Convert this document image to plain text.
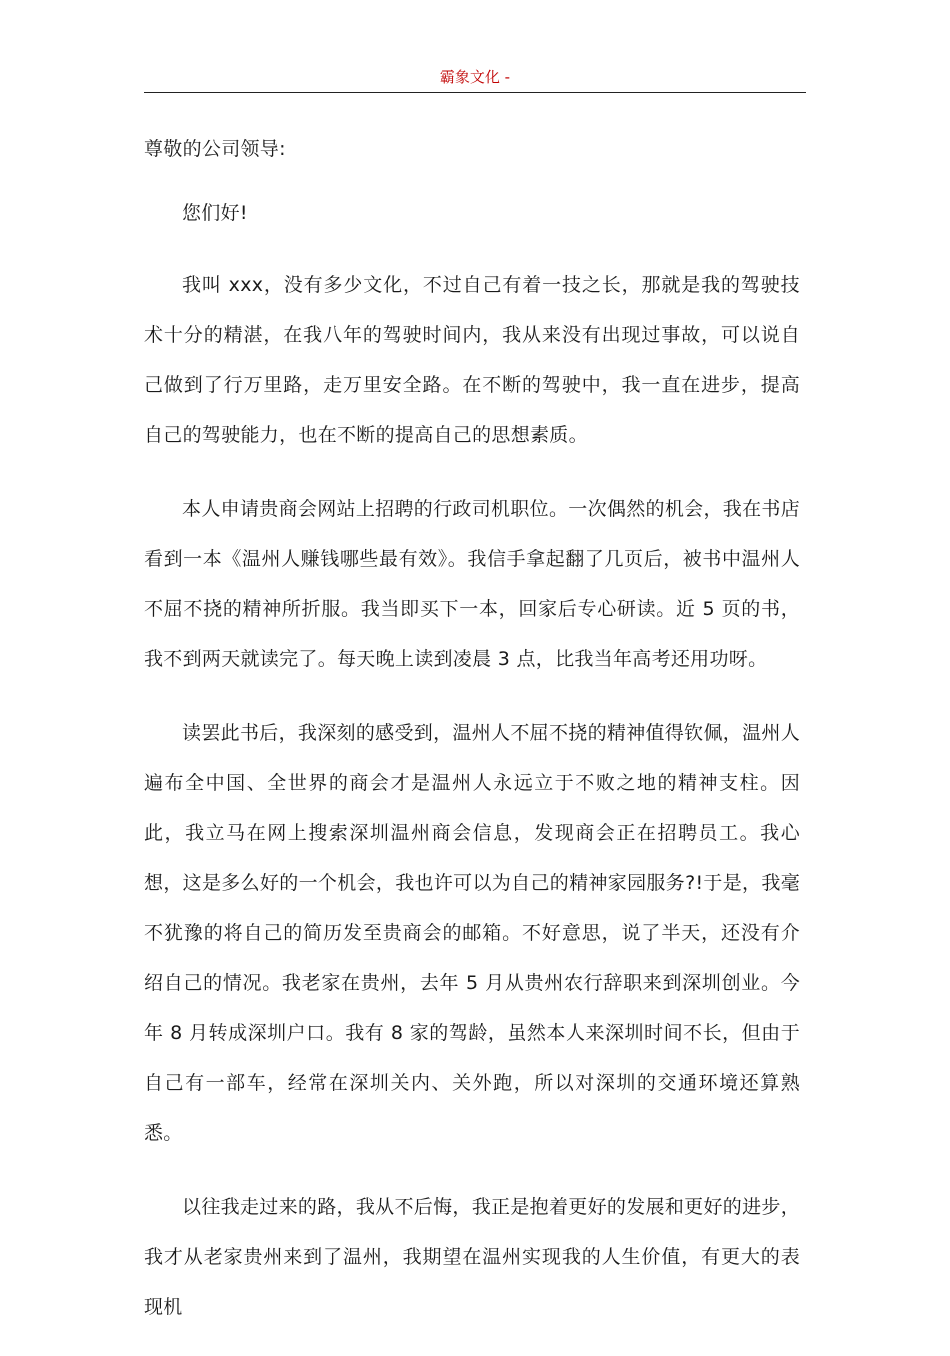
霸象文化 -

尊敬的公司领导:

您们好!

我叫 xxx，没有多少文化，不过自己有着一技之长，那就是我的驾驶技术十分的精湛，在我八年的驾驶时间内，我从来没有出现过事故，可以说自己做到了行万里路，走万里安全路。在不断的驾驶中，我一直在进步，提高自己的驾驶能力，也在不断的提高自己的思想素质。

本人申请贵商会网站上招聘的行政司机职位。一次偶然的机会，我在书店看到一本《温州人赚钱哪些最有效》。我信手拿起翻了几页后，被书中温州人不屈不挠的精神所折服。我当即买下一本，回家后专心研读。近 5 页的书，我不到两天就读完了。每天晚上读到凌晨 3 点，比我当年高考还用功呀。

读罢此书后，我深刻的感受到，温州人不屈不挠的精神值得钦佩，温州人遍布全中国、全世界的商会才是温州人永远立于不败之地的精神支柱。因此，我立马在网上搜索深圳温州商会信息，发现商会正在招聘员工。我心想，这是多么好的一个机会，我也许可以为自己的精神家园服务?!于是，我毫不犹豫的将自己的简历发至贵商会的邮箱。不好意思，说了半天，还没有介绍自己的情况。我老家在贵州，去年 5 月从贵州农行辞职来到深圳创业。今年 8 月转成深圳户口。我有 8 家的驾龄，虽然本人来深圳时间不长，但由于自己有一部车，经常在深圳关内、关外跑，所以对深圳的交通环境还算熟悉。

以往我走过来的路，我从不后悔，我正是抱着更好的发展和更好的进步，我才从老家贵州来到了温州，我期望在温州实现我的人生价值，有更大的表现机
